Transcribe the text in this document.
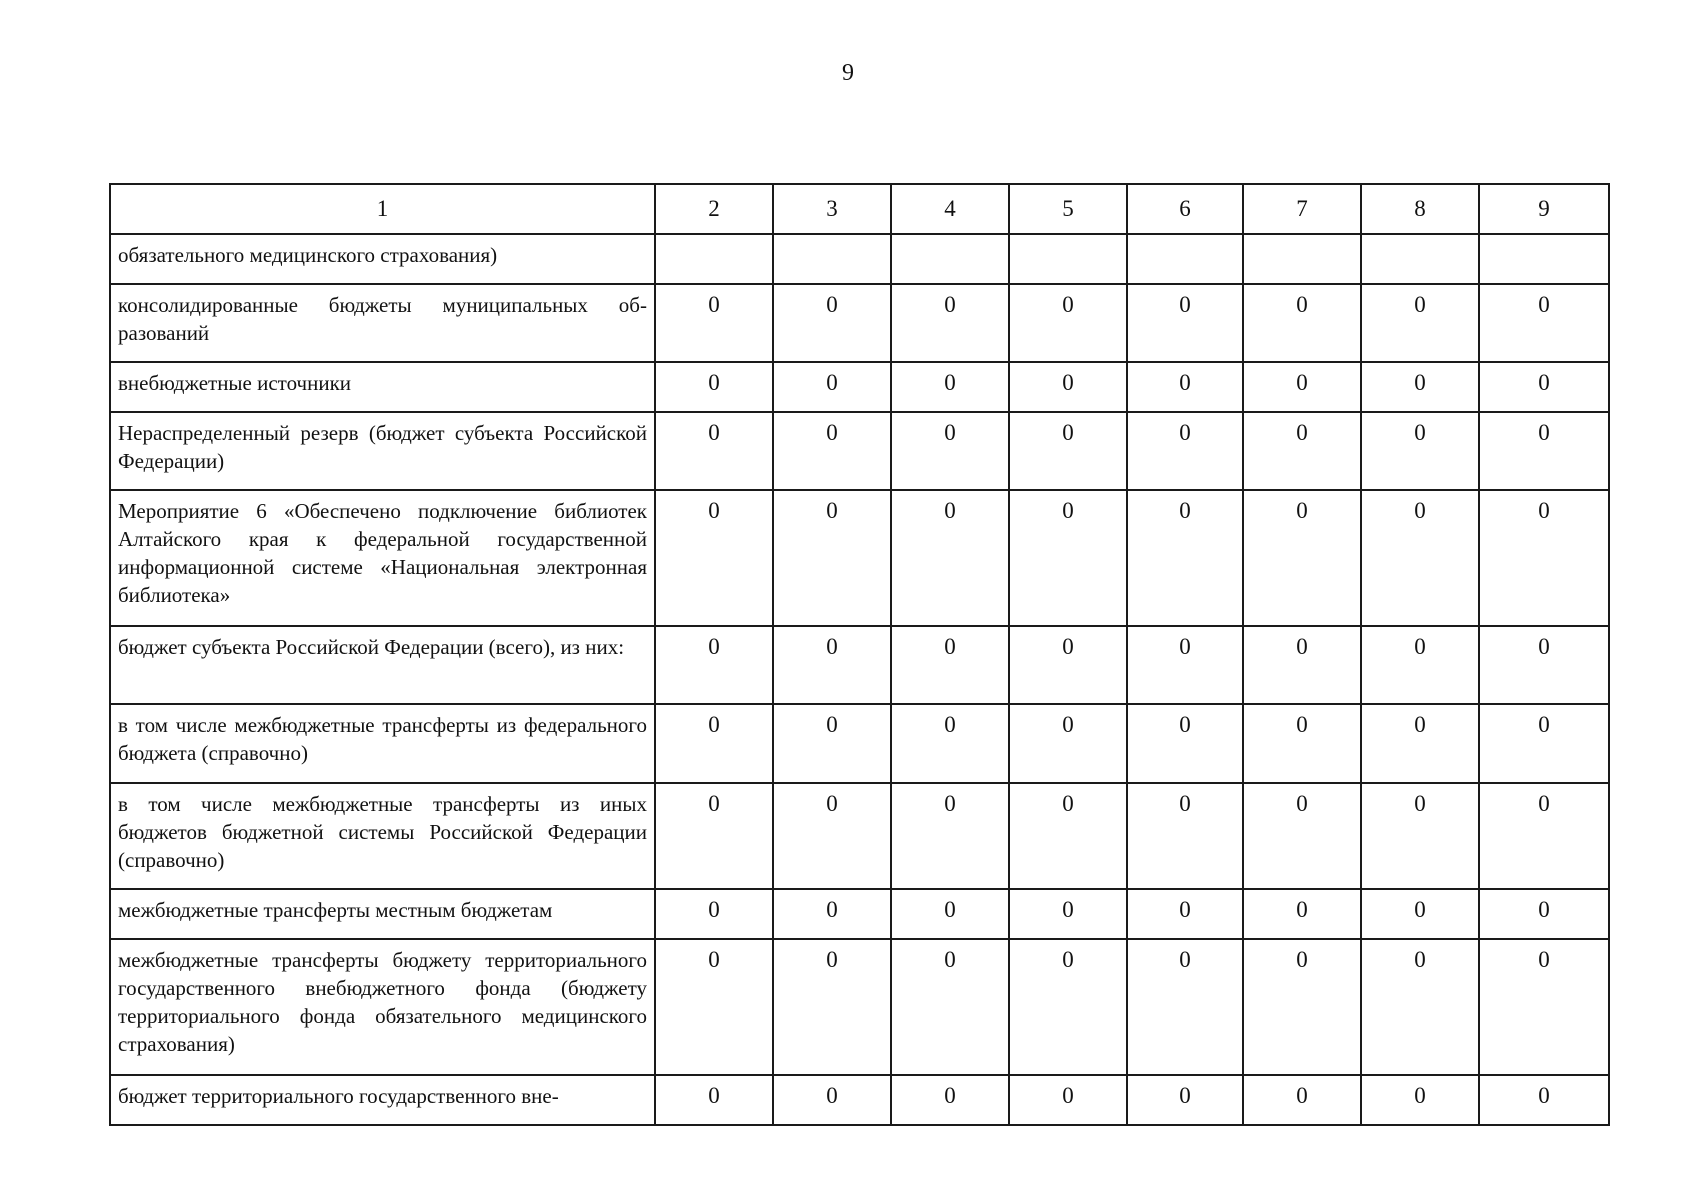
9
1	2	3	4	5	6	7	8	9
обязательного медицинского страхования)								
консолидированные бюджеты муниципальных образований	0	0	0	0	0	0	0	0
внебюджетные источники	0	0	0	0	0	0	0	0
Нераспределенный резерв (бюджет субъекта Российской Федерации)	0	0	0	0	0	0	0	0
Мероприятие 6 «Обеспечено подключение библиотек Алтайского края к федеральной государственной информационной системе «Национальная электронная библиотека»	0	0	0	0	0	0	0	0
бюджет субъекта Российской Федерации (всего), из них:	0	0	0	0	0	0	0	0
в том числе межбюджетные трансферты из федерального бюджета (справочно)	0	0	0	0	0	0	0	0
в том числе межбюджетные трансферты из иных бюджетов бюджетной системы Российской Федерации (справочно)	0	0	0	0	0	0	0	0
межбюджетные трансферты местным бюджетам	0	0	0	0	0	0	0	0
межбюджетные трансферты бюджету территориального государственного внебюджетного фонда (бюджету территориального фонда обязательного медицинского страхования)	0	0	0	0	0	0	0	0
бюджет территориального государственного вне-	0	0	0	0	0	0	0	0
